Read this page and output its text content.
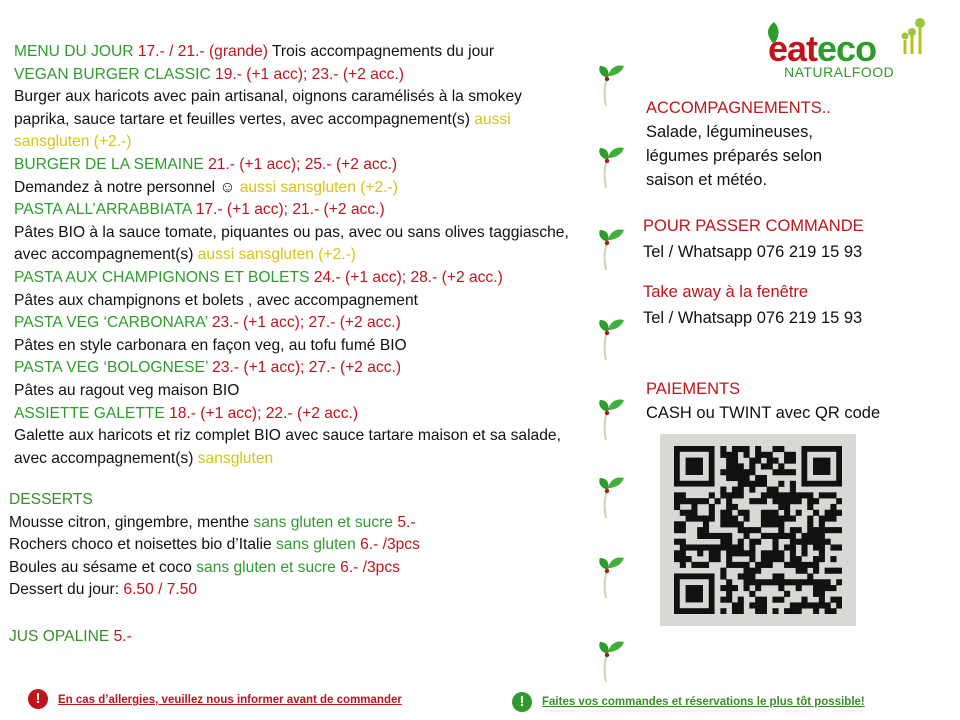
MENU DU JOUR 17.- / 21.- (grande) Trois accompagnements du jour
VEGAN BURGER CLASSIC 19.- (+1 acc); 23.- (+2 acc.)
Burger aux haricots avec pain artisanal, oignons caramélisés à la smokey paprika, sauce tartare et feuilles vertes, avec accompagnement(s) aussi sansgluten (+2.-)
BURGER DE LA SEMAINE 21.- (+1 acc); 25.- (+2 acc.)
Demandez à notre personnel ☺ aussi sansgluten (+2.-)
PASTA ALL’ARRABBIATA 17.- (+1 acc); 21.- (+2 acc.)
Pâtes BIO à la sauce tomate, piquantes ou pas, avec ou sans olives taggiasche, avec accompagnement(s) aussi sansgluten (+2.-)
PASTA AUX CHAMPIGNONS ET BOLETS 24.- (+1 acc); 28.- (+2 acc.)
Pâtes aux champignons et bolets , avec accompagnement
PASTA VEG ‘CARBONARA’ 23.- (+1 acc); 27.- (+2 acc.)
Pâtes en style carbonara en façon veg, au tofu fumé BIO
PASTA VEG ‘BOLOGNESE’ 23.- (+1 acc); 27.- (+2 acc.)
Pâtes au ragout veg maison BIO
ASSIETTE GALETTE 18.- (+1 acc); 22.- (+2 acc.)
Galette aux haricots et riz complet BIO avec sauce tartare maison et sa salade, avec accompagnement(s) sansgluten
DESSERTS
Mousse citron, gingembre, menthe sans gluten et sucre 5.-
Rochers choco et noisettes bio d’Italie sans gluten 6.- /3pcs
Boules au sésame et coco sans gluten et sucre 6.- /3pcs
Dessert du jour: 6.50 / 7.50
JUS OPALINE 5.-
eateco
NATURALFOOD
ACCOMPAGNEMENTS..
Salade, légumineuses,
légumes préparés selon
saison et météo.
POUR PASSER COMMANDE
Tel / Whatsapp 076 219 15 93
Take away à la fenêtre
Tel / Whatsapp 076 219 15 93
PAIEMENTS
CASH ou TWINT avec QR code
!	En cas d’allergies, veuillez nous informer avant de commander	!	Faites vos commandes et réservations le plus tôt possible!
